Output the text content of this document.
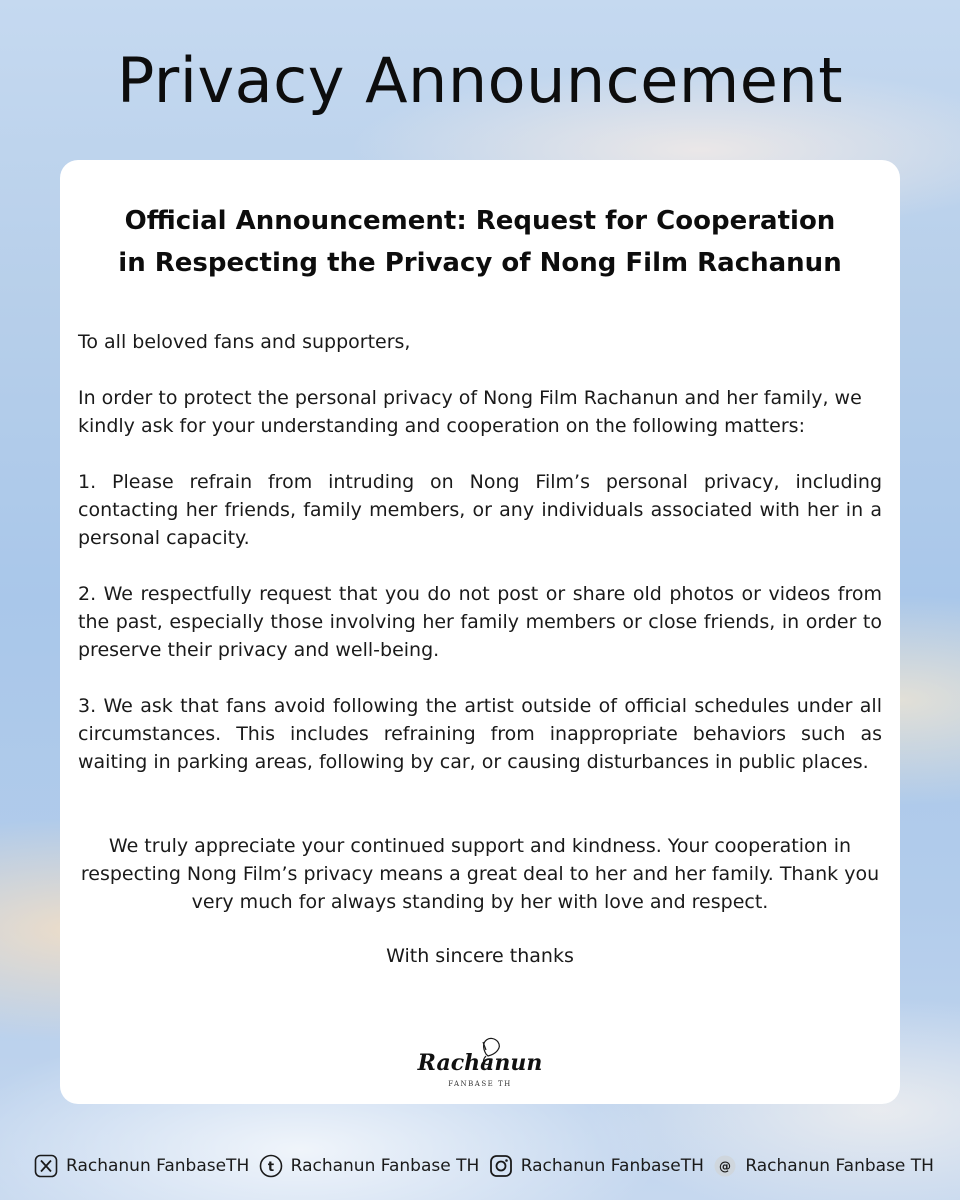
Privacy Announcement
Official Announcement: Request for Cooperation
in Respecting the Privacy of Nong Film Rachanun

To all beloved fans and supporters,

In order to protect the personal privacy of Nong Film Rachanun and her family, we kindly ask for your understanding and cooperation on the following matters:

1. Please refrain from intruding on Nong Film’s personal privacy, including contacting her friends, family members, or any individuals associated with her in a personal capacity.

2. We respectfully request that you do not post or share old photos or videos from the past, especially those involving her family members or close friends, in order to preserve their privacy and well-being.

3. We ask that fans avoid following the artist outside of official schedules under all circumstances. This includes refraining from inappropriate behaviors such as waiting in parking areas, following by car, or causing disturbances in public places.

We truly appreciate your continued support and kindness. Your cooperation in respecting Nong Film’s privacy means a great deal to her and her family. Thank you very much for always standing by her with love and respect.
With sincere thanks
Rachanun
FANBASE TH
Rachanun FanbaseTH t Rachanun Fanbase TH Rachanun FanbaseTH @ Rachanun Fanbase TH
